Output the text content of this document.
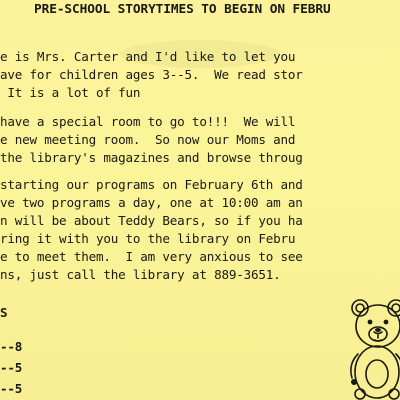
PRE-SCHOOL STORYTIMES TO BEGIN ON FEBRU
e is Mrs. Carter and I'd like to let you
ave for children ages 3--5.  We read stor
It is a lot of fun
have a special room to go to!!!  We will
e new meeting room.  So now our Moms and
the library's magazines and browse throug
starting our programs on February 6th and
ve two programs a day, one at 10:00 am an
n will be about Teddy Bears, so if you ha
ring it with you to the library on Febru
e to meet them.  I am very anxious to see
ns, just call the library at 889-3651.
S
--8
--5
--5
